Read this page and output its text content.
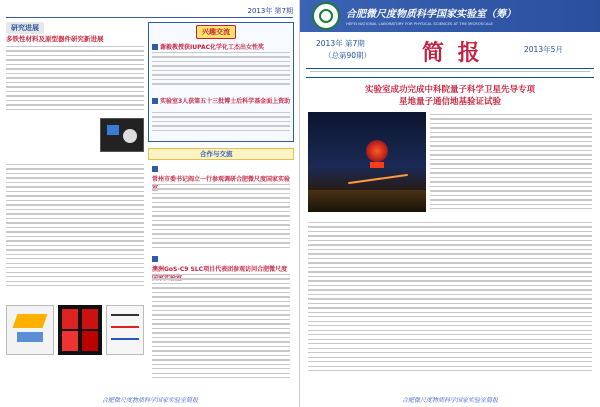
2013年 第7期
研究进展
多铁性材料及原型器件研究新进展
兴趣交流
谢毅教授获IUPAC化学化工杰出女性奖
实验室3人获第五十三批博士后科学基金面上资助
合作与交流
常州市委书记阎立一行参观调研合肥微尺度国家实验
澳洲GoS-C9 SLC项目代表团参观访问合肥微尺度
合肥微尺度物质科学国家实验室简报
合肥微尺度物质科学国家实验室（筹）
HEFEI NATIONAL LABORATORY FOR PHYSICAL SCIENCES AT THE MICROSCALE
2013年 第7期
（总第90期） 简 报	2013年5月
实验室成功完成中科院量子科学卫星先导专项
星地量子通信地基验证试验
合肥微尺度物质科学国家实验室简报
